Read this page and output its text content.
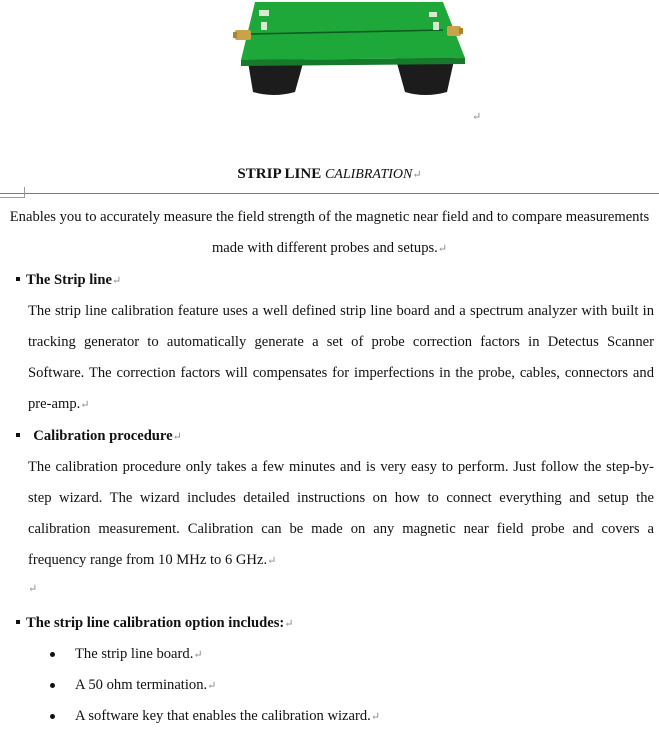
↵
STRIP LINE CALIBRATION↵
Enables you to accurately measure the field strength of the magnetic near field and to compare measurements made with different probes and setups.↵
The Strip line↵
The strip line calibration feature uses a well defined strip line board and a spectrum analyzer with built in tracking generator to automatically generate a set of probe correction factors in Detectus Scanner Software. The correction factors will compensates for imperfections in the probe, cables, connectors and pre-amp.↵
Calibration procedure↵
The calibration procedure only takes a few minutes and is very easy to perform. Just follow the step-by-step wizard. The wizard includes detailed instructions on how to connect everything and setup the calibration measurement. Calibration can be made on any magnetic near field probe and covers a frequency range from 10 MHz to 6 GHz.↵
↵
The strip line calibration option includes:↵
The strip line board.↵
A 50 ohm termination.↵
A software key that enables the calibration wizard.↵
